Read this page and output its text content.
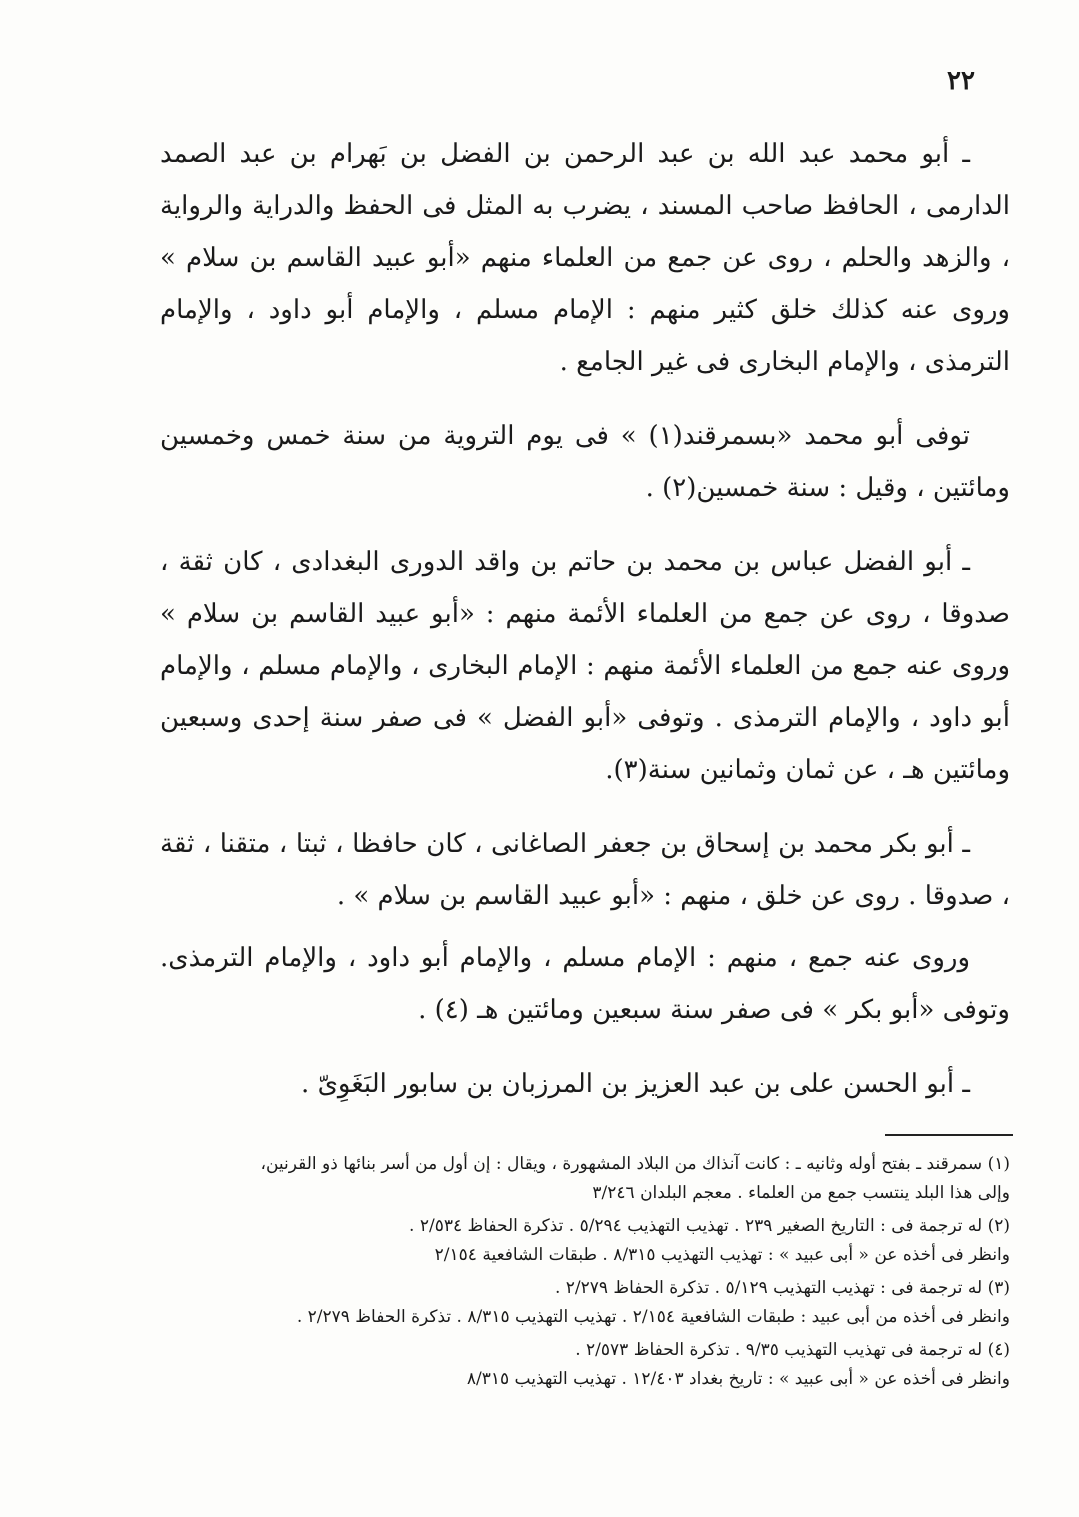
٢٢

ـ أبو محمد عبد الله بن عبد الرحمن بن الفضل بن بَهرام بن عبد الصمد الدارمى ، الحافظ صاحب المسند ، يضرب به المثل فى الحفظ والدراية والرواية ، والزهد والحلم ، روى عن جمع من العلماء منهم «أبو عبيد القاسم بن سلام » وروى عنه كذلك خلق كثير منهم : الإمام مسلم ، والإمام أبو داود ، والإمام الترمذى ، والإمام البخارى فى غير الجامع .

توفى أبو محمد «بسمرقند(١) » فى يوم التروية من سنة خمس وخمسين ومائتين ، وقيل : سنة خمسين(٢) .

ـ أبو الفضل عباس بن محمد بن حاتم بن واقد الدورى البغدادى ، كان ثقة ، صدوقا ، روى عن جمع من العلماء الأئمة منهم : «أبو عبيد القاسم بن سلام » وروى عنه جمع من العلماء الأئمة منهم : الإمام البخارى ، والإمام مسلم ، والإمام أبو داود ، والإمام الترمذى . وتوفى «أبو الفضل » فى صفر سنة إحدى وسبعين ومائتين هـ ، عن ثمان وثمانين سنة(٣).

ـ أبو بكر محمد بن إسحاق بن جعفر الصاغانى ، كان حافظا ، ثبتا ، متقنا ، ثقة ، صدوقا . روى عن خلق ، منهم : «أبو عبيد القاسم بن سلام » .

وروى عنه جمع ، منهم : الإمام مسلم ، والإمام أبو داود ، والإمام الترمذى. وتوفى «أبو بكر » فى صفر سنة سبعين ومائتين هـ (٤) .

ـ أبو الحسن على بن عبد العزيز بن المرزبان بن سابور البَغَوِىّ .

(١) سمرقند ـ بفتح أوله وثانيه ـ : كانت آنذاك من البلاد المشهورة ، ويقال : إن أول من أسر بنائها ذو القرنين،
وإلى هذا البلد ينتسب جمع من العلماء . معجم البلدان ٣/٢٤٦
(٢) له ترجمة فى : التاريخ الصغير ٢٣٩ . تهذيب التهذيب ٥/٢٩٤ . تذكرة الحفاظ ٢/٥٣٤ .
وانظر فى أخذه عن « أبى عبيد » : تهذيب التهذيب ٨/٣١٥ . طبقات الشافعية ٢/١٥٤
(٣) له ترجمة فى : تهذيب التهذيب ٥/١٢٩ . تذكرة الحفاظ ٢/٢٧٩ .
وانظر فى أخذه من أبى عبيد : طبقات الشافعية ٢/١٥٤ . تهذيب التهذيب ٨/٣١٥ . تذكرة الحفاظ ٢/٢٧٩ .
(٤) له ترجمة فى تهذيب التهذيب ٩/٣٥ . تذكرة الحفاظ ٢/٥٧٣ .
وانظر فى أخذه عن « أبى عبيد » : تاريخ بغداد ١٢/٤٠٣ . تهذيب التهذيب ٨/٣١٥
